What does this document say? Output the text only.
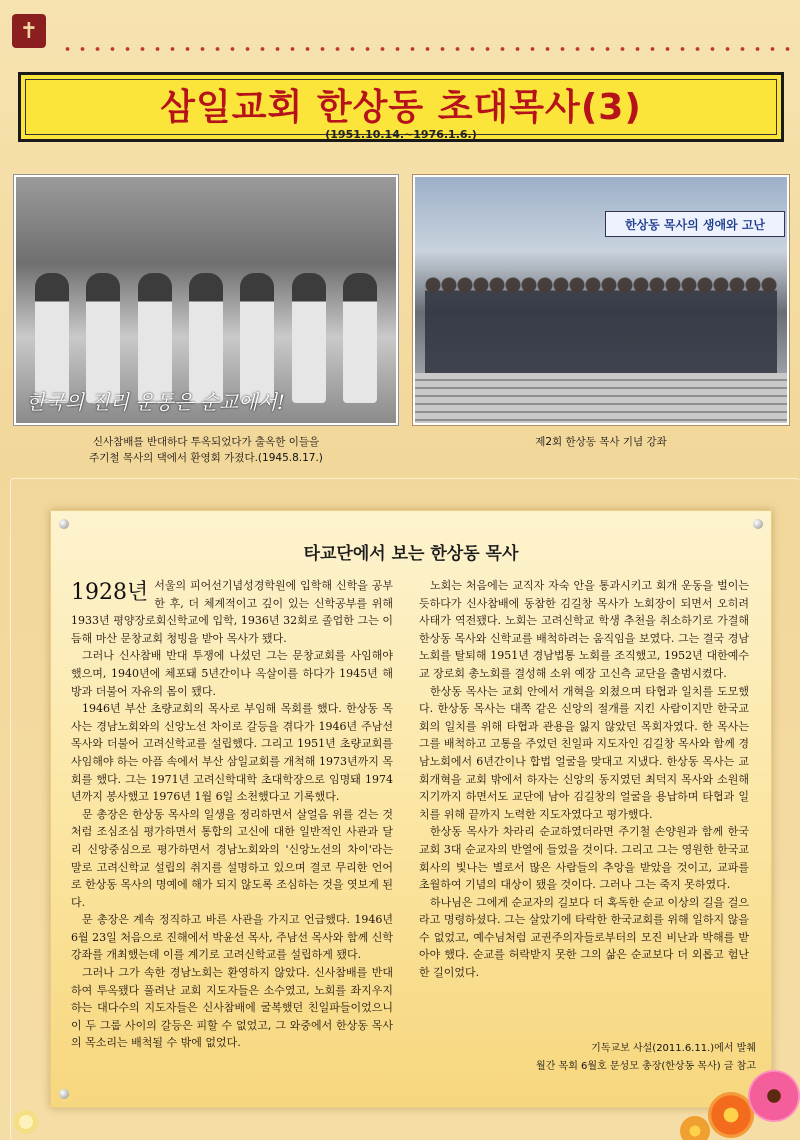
✝
삼일교회 한상동 초대목사(3)
(1951.10.14.~1976.1.6.)
한국의 진리 운동은 순교에서!
한상동 목사의 생애와 고난
신사참배를 반대하다 투옥되었다가 출옥한 이들을
주기철 목사의 댁에서 환영회 가졌다.(1945.8.17.)
제2회 한상동 목사 기념 강좌
타교단에서 보는 한상동 목사

1928년 서울의 피어선기념성경학원에 입학해 신학을 공부한 후, 더 체계적이고 깊이 있는 신학공부를 위해 1933년 평양장로회신학교에 입학, 1936년 32회로 졸업한 그는 이듬해 마산 문창교회 청빙을 받아 목사가 됐다.

그러나 신사참배 반대 투쟁에 나섰던 그는 문창교회를 사임해야 했으며, 1940년에 체포돼 5년간이나 옥살이를 하다가 1945년 해방과 더불어 자유의 몸이 됐다.

1946년 부산 초량교회의 목사로 부임해 목회를 했다. 한상동 목사는 경남노회와의 신앙노선 차이로 갈등을 겪다가 1946년 주남선 목사와 더불어 고려신학교를 설립했다. 그리고 1951년 초량교회를 사임해야 하는 아픔 속에서 부산 삼일교회를 개척해 1973년까지 목회를 했다. 그는 1971년 고려신학대학 초대학장으로 임명돼 1974년까지 봉사했고 1976년 1월 6일 소천했다고 기록했다.

문 총장은 한상동 목사의 일생을 정리하면서 살얼음 위를 걷는 것처럼 조심조심 평가하면서 통합의 고신에 대한 일반적인 사관과 달리 신앙중심으로 평가하면서 경남노회와의 '신앙노선의 차이'라는 말로 고려신학교 설립의 취지를 설명하고 있으며 결코 무리한 언어로 한상동 목사의 명예에 해가 되지 않도록 조심하는 것을 엿보게 된다.

문 총장은 계속 정직하고 바른 사관을 가지고 언급했다. 1946년 6월 23일 처음으로 진해에서 박윤선 목사, 주남선 목사와 함께 신학강좌를 개최했는데 이를 계기로 고려신학교를 설립하게 됐다.

그러나 그가 속한 경남노회는 환영하지 않았다. 신사참배를 반대하여 투옥됐다 풀려난 교회 지도자들은 소수였고, 노회를 좌지우지하는 대다수의 지도자들은 신사참배에 굴복했던 친일파들이었으니 이 두 그룹 사이의 갈등은 피할 수 없었고, 그 와중에서 한상동 목사의 목소리는 배척될 수 밖에 없었다.

노회는 처음에는 교직자 자숙 안을 통과시키고 회개 운동을 벌이는 듯하다가 신사참배에 동참한 김길창 목사가 노회장이 되면서 오히려 사태가 역전됐다. 노회는 고려신학교 학생 추천을 취소하기로 가결해 한상동 목사와 신학교를 배척하려는 움직임을 보였다. 그는 결국 경남노회를 탈퇴해 1951년 경남법통 노회를 조직했고, 1952년 대한예수교 장로회 총노회를 결성해 소위 예장 고신측 교단을 출범시켰다.

한상동 목사는 교회 안에서 개혁을 외쳤으며 타협과 일치를 도모했다. 한상동 목사는 대쪽 같은 신앙의 절개를 지킨 사람이지만 한국교회의 일치를 위해 타협과 관용을 잃지 않았던 목회자였다. 한 목사는 그를 배척하고 고통을 주었던 친일파 지도자인 김길창 목사와 함께 경남노회에서 6년간이나 합법 얼굴을 맞대고 지냈다. 한상동 목사는 교회개혁을 교회 밖에서 하자는 신앙의 동지였던 최덕지 목사와 소원해지기까지 하면서도 교단에 남아 김길창의 얼굴을 용납하며 타협과 일치를 위해 끝까지 노력한 지도자였다고 평가했다.

한상동 목사가 차라리 순교하였더라면 주기철 손양원과 함께 한국교회 3대 순교자의 반열에 들었을 것이다. 그리고 그는 영원한 한국교회사의 빛나는 별로서 많은 사람들의 추앙을 받았을 것이고, 교파를 초월하여 기념의 대상이 됐을 것이다. 그러나 그는 죽지 못하였다.

하나님은 그에게 순교자의 길보다 더 혹독한 순교 이상의 길을 걸으라고 명령하셨다. 그는 살았기에 타락한 한국교회를 위해 일하지 않을 수 없었고, 예수님처럼 교권주의자들로부터의 모진 비난과 박해를 받아야 했다. 순교를 허락받지 못한 그의 삶은 순교보다 더 외롭고 험난한 길이었다.

기독교보 사설(2011.6.11.)에서 발췌
월간 목회 6월호 문성모 총장(한상동 목사) 글 참고
